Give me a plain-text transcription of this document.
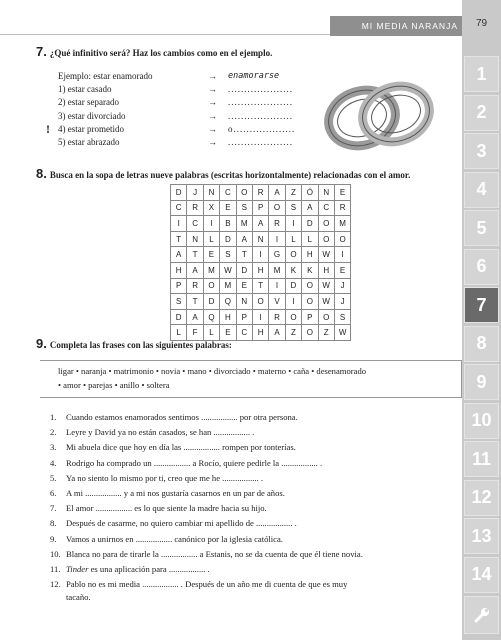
MI MEDIA NARANJA	79
1
2
3
4
5
6
7
8
9
10
11
12
13
14
7. ¿Qué infinitivo será? Haz los cambios como en el ejemplo.
Ejemplo: estar enamorado	→ enamorarse
1) estar casado	→ ....................
2) estar separado	→ ....................
3) estar divorciado	→ ....................
4) estar prometido	→ o...................
5) estar abrazado	→ ....................
!
8. Busca en la sopa de letras nueve palabras (escritas horizontalmente) relacionadas con el amor.
D	J	N	C	O	R	A	Z	Ó	N	E
C	R	X	E	S	P	O	S	A	C	R
I	C	I	B	M	A	R	I	D	O	M
T	N	L	D	A	N	I	L	L	O	O
A	T	E	S	T	I	G	O	H	W	I
H	A	M	W	D	H	M	K	K	H	E
P	R	O	M	E	T	I	D	O	W	J
S	T	D	Q	N	O	V	I	O	W	J
D	A	Q	H	P	I	R	O	P	O	S
L	F	L	E	C	H	A	Z	O	Z	W
9. Completa las frases con las siguientes palabras:
ligar • naranja • matrimonio • novia • mano • divorciado • materno • caña • desenamorado
• amor • parejas • anillo • soltera
1. Cuando estamos enamorados sentimos ................. por otra persona.
2. Leyre y David ya no están casados, se han ................. .
3. Mi abuela dice que hoy en día las ................. rompen por tonterías.
4. Rodrigo ha comprado un ................. a Rocío, quiere pedirle la ................. .
5. Ya no siento lo mismo por ti, creo que me he ................. .
6. A mi ................. y a mi nos gustaría casarnos en un par de años.
7. El amor ................. es lo que siente la madre hacia su hijo.
8. Después de casarme, no quiero cambiar mi apellido de ................. .
9. Vamos a unirnos en ................. canónico por la iglesia católica.
10. Blanca no para de tirarle la ................. a Estanis, no se da cuenta de que él tiene novia.
11. Tinder es una aplicación para ................. .
12. Pablo no es mi media ................. . Después de un año me di cuenta de que es muy
tacaño.
